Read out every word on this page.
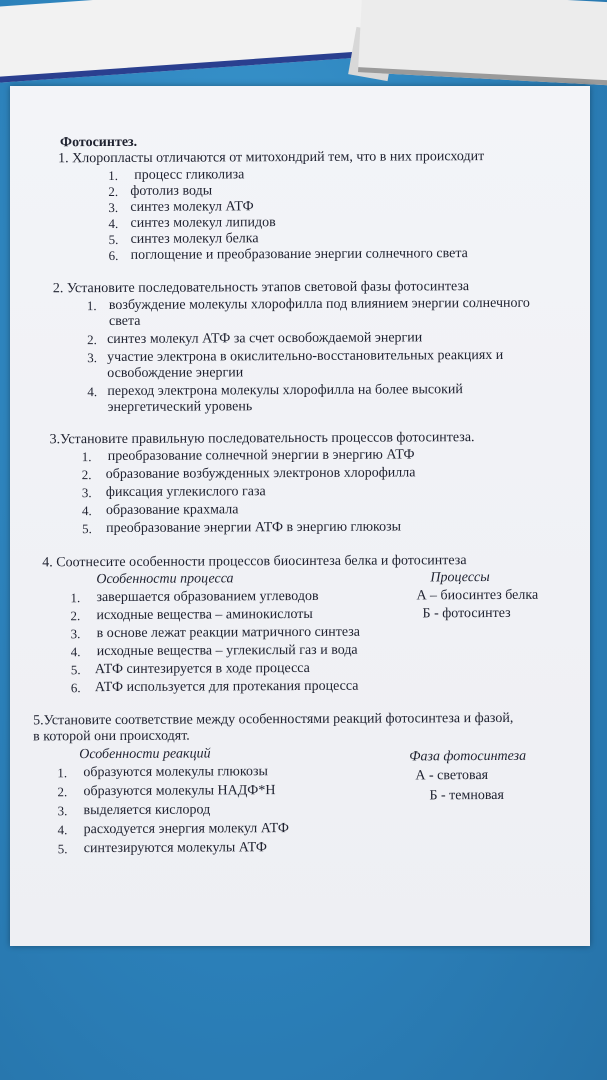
Фотосинтез.
1. Хлоропласты отличаются от митохондрий тем, что в них происходит
1. процесс гликолиза
2. фотолиз воды
3. синтез молекул АТФ
4. синтез молекул липидов
5. синтез молекул белка
6. поглощение и преобразование энергии солнечного света
2. Установите последовательность этапов световой фазы фотосинтеза
1. возбуждение молекулы хлорофилла под влиянием энергии солнечного
света
2. синтез молекул АТФ за счет освобождаемой энергии
3. участие электрона в окислительно-восстановительных реакциях и
освобождение энергии
4. переход электрона молекулы хлорофилла на более высокий
энергетический уровень
3.Установите правильную последовательность процессов фотосинтеза.
1. преобразование солнечной энергии в энергию АТФ
2. образование возбужденных электронов хлорофилла
3. фиксация углекислого газа
4. образование крахмала
5. преобразование энергии АТФ в энергию глюкозы
4. Соотнесите особенности процессов биосинтеза белка и фотосинтеза
Особенности процесса	Процессы
1. завершается образованием углеводов	А – биосинтез белка
2. исходные вещества – аминокислоты	Б - фотосинтез
3. в основе лежат реакции матричного синтеза
4. исходные вещества – углекислый газ и вода
5. АТФ синтезируется в ходе процесса
6. АТФ используется для протекания процесса
5.Установите соответствие между особенностями реакций фотосинтеза и фазой,
в которой они происходят.
Особенности реакций	Фаза фотосинтеза
1. образуются молекулы глюкозы	А - световая
2. образуются молекулы НАДФ*Н	Б - темновая
3. выделяется кислород
4. расходуется энергия молекул АТФ
5. синтезируются молекулы АТФ
